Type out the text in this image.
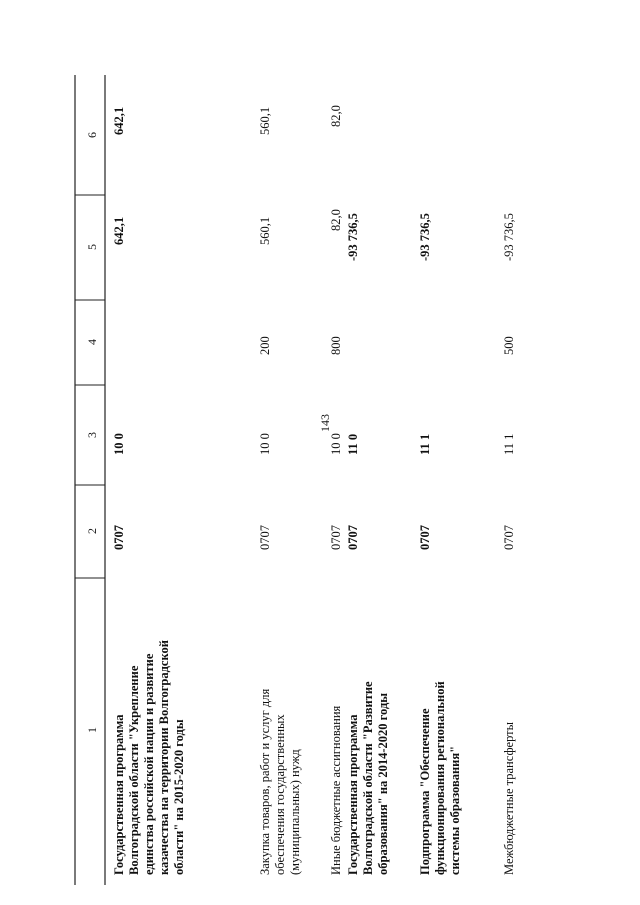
143
1
2
3
4
5
6
Государственная программа Волгоградской области "Укрепление единства российской нации и развитие казачества на территории Волгоградской области" на 2015-2020 годы
0707
10 0
642,1
642,1
Закупка товаров, работ и услуг для обеспечения государственных (муниципальных) нужд
0707
10 0
200
560,1
560,1
Иные бюджетные ассигнования
0707
10 0
800
82,0
82,0
Государственная программа Волгоградской области "Развитие образования" на 2014-2020 годы
0707
11 0
-93 736,5
Подпрограмма "Обеспечение функционирования региональной системы образования"
0707
11 1
-93 736,5
Межбюджетные трансферты
0707
11 1
500
-93 736,5
